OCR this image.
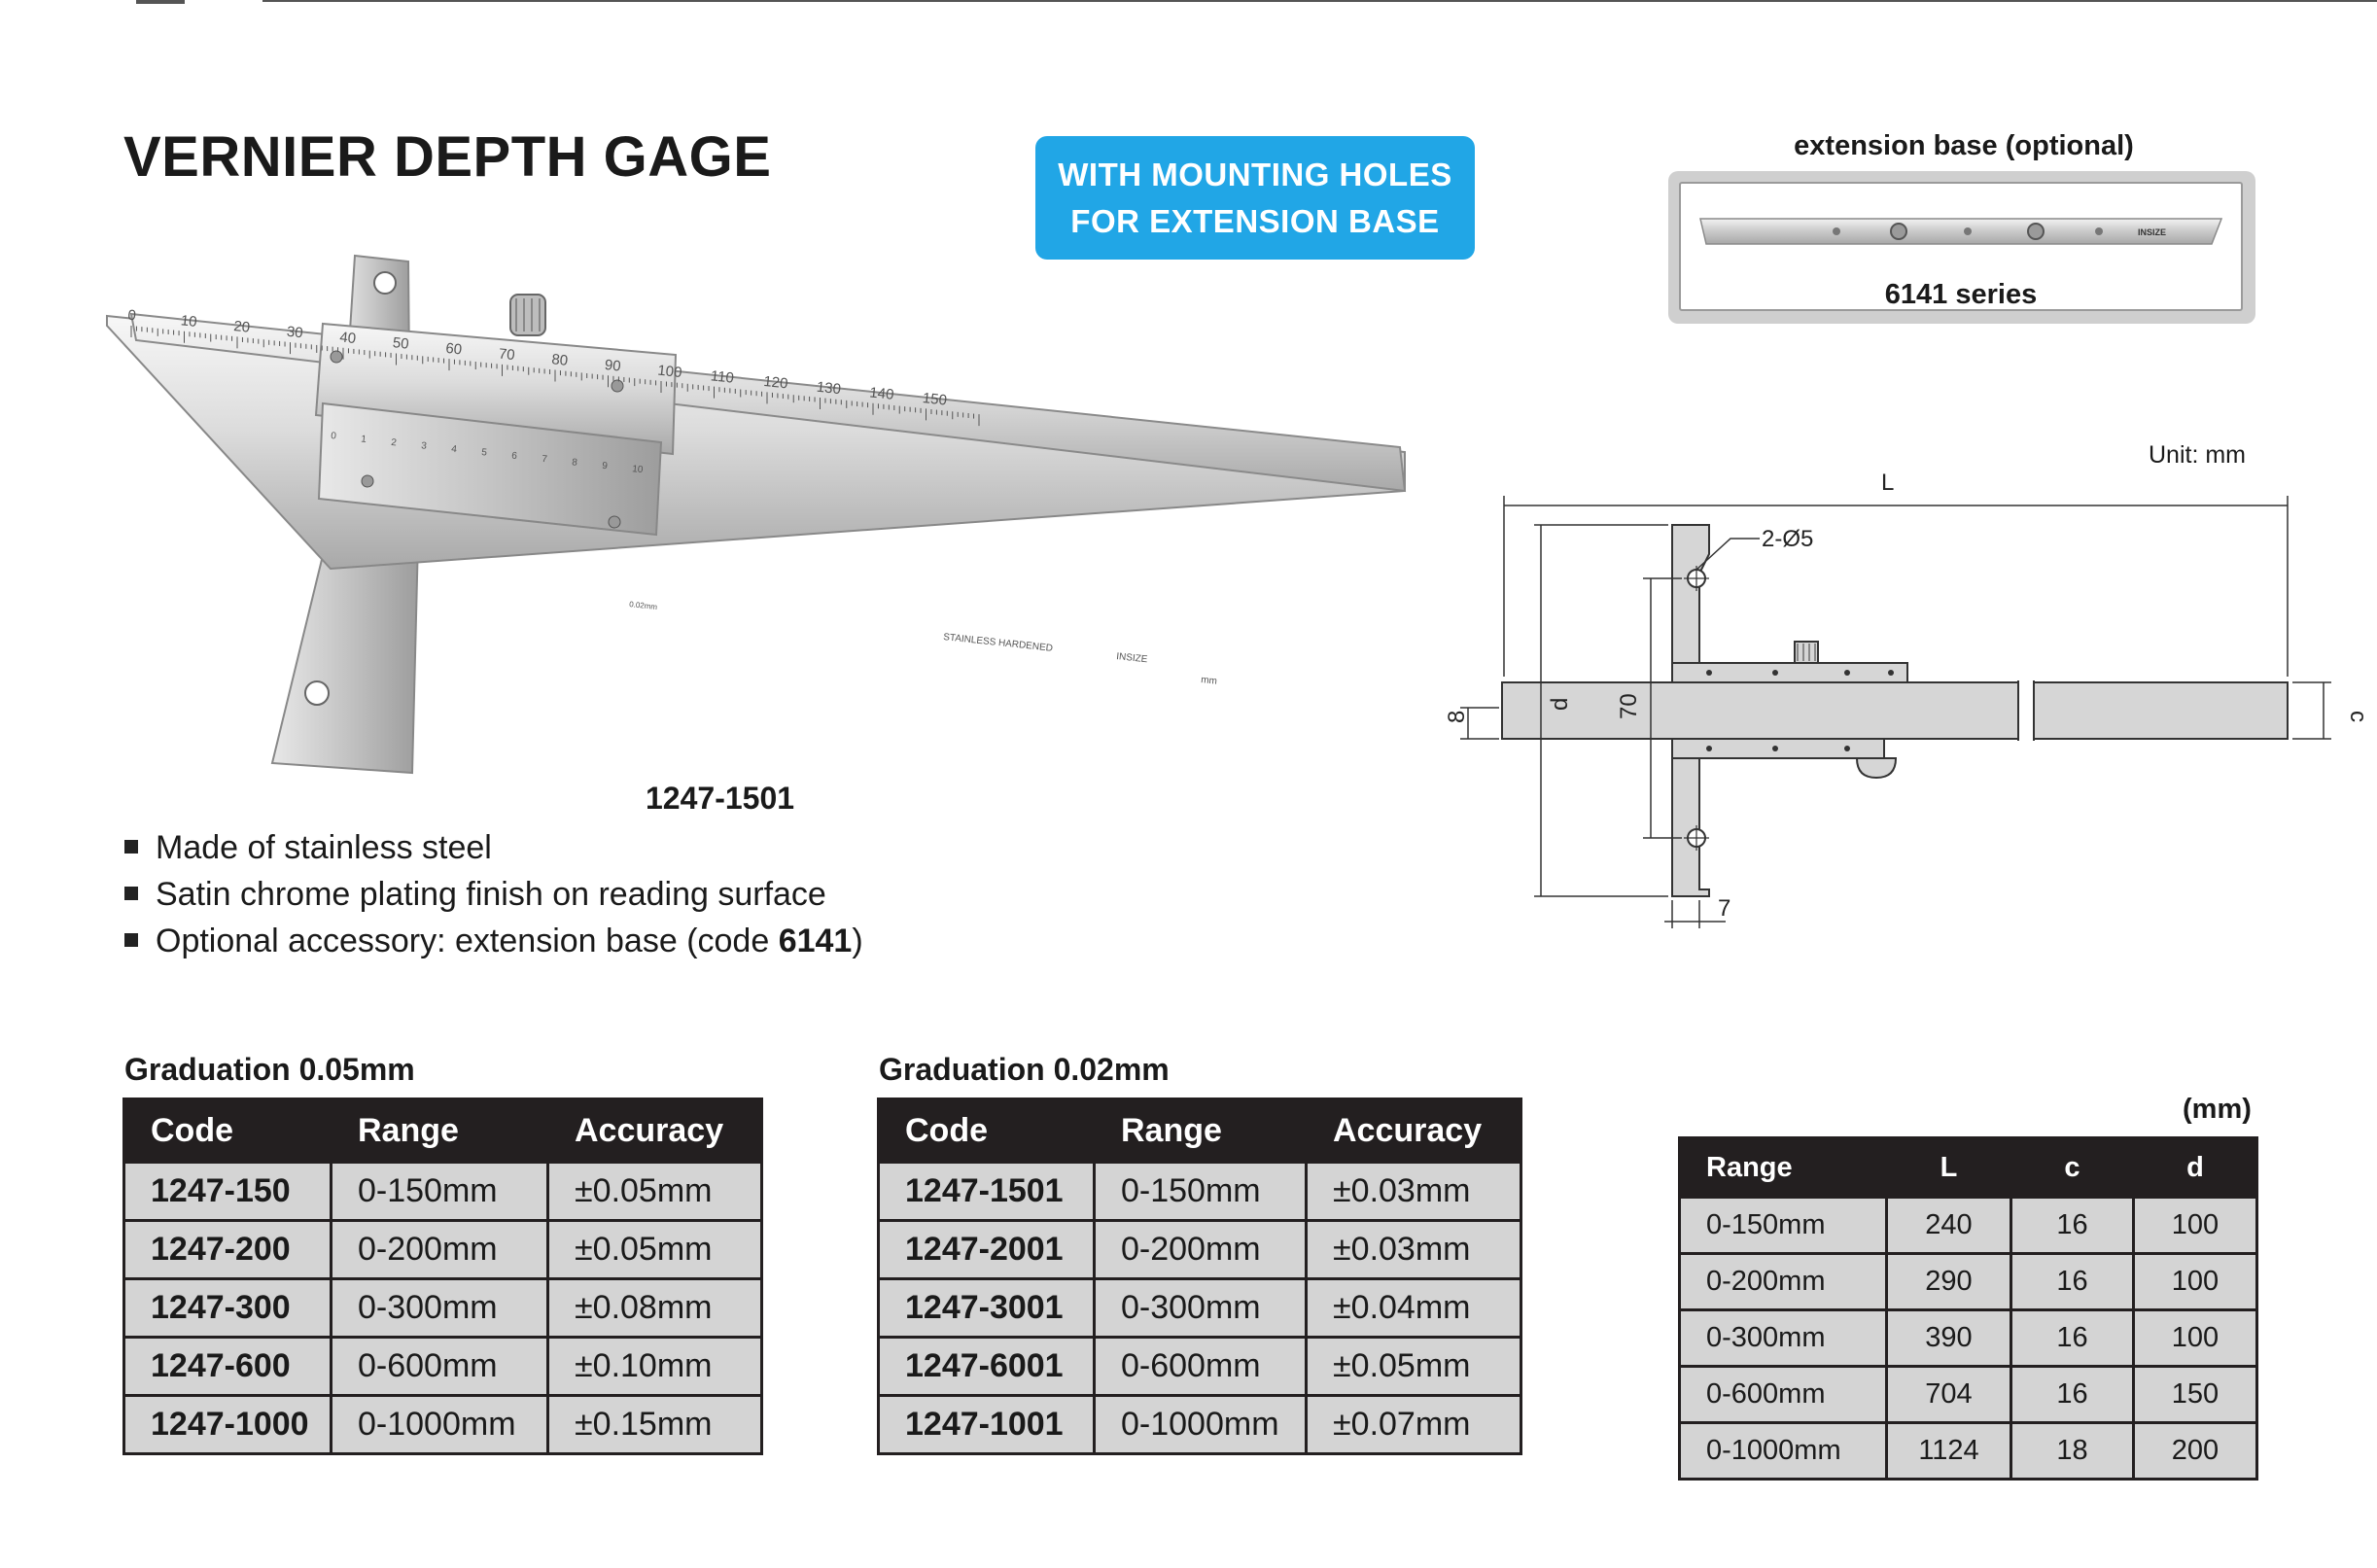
VERNIER DEPTH GAGE	WITH MOUNTING HOLES
FOR EXTENSION BASE
extension base (optional)
INSIZE
6141 series
0	10 20 30 40 50 60 70 80 90 100 110 120 130 140 150
0 1 2 3 4 5 6 7 8 9 10
STAINLESS HARDENED
INSIZE
mm
0.02mm
1247-1501
Made of stainless steel
Satin chrome plating finish on reading surface
Optional accessory: extension base (code 6141)
Unit: mm
L
2-Ø5
8
d 70
7
c
Graduation 0.05mm
Code	Range	Accuracy
1247-150	0-150mm	±0.05mm
1247-200	0-200mm	±0.05mm
1247-300	0-300mm	±0.08mm
1247-600	0-600mm	±0.10mm
1247-1000	0-1000mm	±0.15mm
Graduation 0.02mm
Code	Range	Accuracy
1247-1501	0-150mm	±0.03mm
1247-2001	0-200mm	±0.03mm
1247-3001	0-300mm	±0.04mm
1247-6001	0-600mm	±0.05mm
1247-1001	0-1000mm	±0.07mm
(mm)
Range	L	c	d
0-150mm	240	16	100
0-200mm	290	16	100
0-300mm	390	16	100
0-600mm	704	16	150
0-1000mm	1124	18	200
